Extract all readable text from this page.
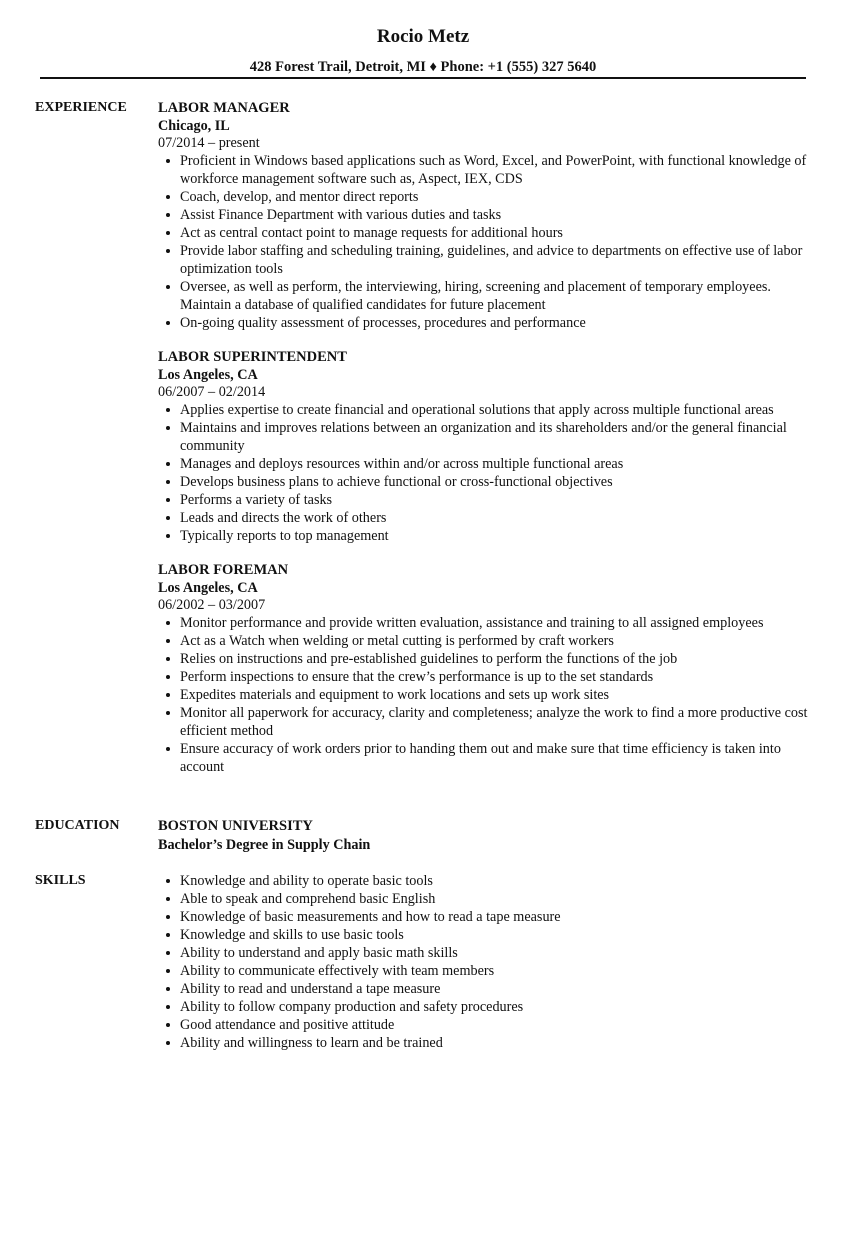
Rocio Metz
428 Forest Trail, Detroit, MI ♦ Phone: +1 (555) 327 5640
EXPERIENCE LABOR MANAGER
Chicago, IL
07/2014 – present
Proficient in Windows based applications such as Word, Excel, and PowerPoint, with functional knowledge of workforce management software such as, Aspect, IEX, CDS
Coach, develop, and mentor direct reports
Assist Finance Department with various duties and tasks
Act as central contact point to manage requests for additional hours
Provide labor staffing and scheduling training, guidelines, and advice to departments on effective use of labor optimization tools
Oversee, as well as perform, the interviewing, hiring, screening and placement of temporary employees. Maintain a database of qualified candidates for future placement
On-going quality assessment of processes, procedures and performance
LABOR SUPERINTENDENT
Los Angeles, CA
06/2007 – 02/2014
Applies expertise to create financial and operational solutions that apply across multiple functional areas
Maintains and improves relations between an organization and its shareholders and/or the general financial community
Manages and deploys resources within and/or across multiple functional areas
Develops business plans to achieve functional or cross-functional objectives
Performs a variety of tasks
Leads and directs the work of others
Typically reports to top management
LABOR FOREMAN
Los Angeles, CA
06/2002 – 03/2007
Monitor performance and provide written evaluation, assistance and training to all assigned employees
Act as a Watch when welding or metal cutting is performed by craft workers
Relies on instructions and pre-established guidelines to perform the functions of the job
Perform inspections to ensure that the crew’s performance is up to the set standards
Expedites materials and equipment to work locations and sets up work sites
Monitor all paperwork for accuracy, clarity and completeness; analyze the work to find a more productive cost efficient method
Ensure accuracy of work orders prior to handing them out and make sure that time efficiency is taken into account
EDUCATION	BOSTON UNIVERSITY
Bachelor’s Degree in Supply Chain
SKILLS	Knowledge and ability to operate basic tools
Able to speak and comprehend basic English
Knowledge of basic measurements and how to read a tape measure
Knowledge and skills to use basic tools
Ability to understand and apply basic math skills
Ability to communicate effectively with team members
Ability to read and understand a tape measure
Ability to follow company production and safety procedures
Good attendance and positive attitude
Ability and willingness to learn and be trained
